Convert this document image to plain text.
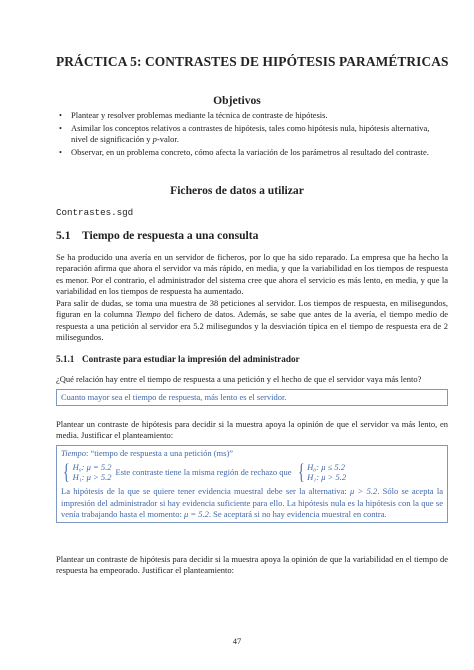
PRÁCTICA 5: CONTRASTES DE HIPÓTESIS PARAMÉTRICAS
Objetivos
• Plantear y resolver problemas mediante la técnica de contraste de hipótesis.
• Asimilar los conceptos relativos a contrastes de hipótesis, tales como hipótesis nula, hipótesis alternativa, nivel de significación y p-valor.
• Observar, en un problema concreto, cómo afecta la variación de los parámetros al resultado del contraste.
Ficheros de datos a utilizar
Contrastes.sgd
5.1 Tiempo de respuesta a una consulta

Se ha producido una avería en un servidor de ficheros, por lo que ha sido reparado. La empresa que ha hecho la reparación afirma que ahora el servidor va más rápido, en media, y que la variabilidad en los tiempos de respuesta es menor. Por el contrario, el administrador del sistema cree que ahora el servicio es más lento, en media, y que la variabilidad en los tiempos de respuesta ha aumentado.

Para salir de dudas, se toma una muestra de 38 peticiones al servidor. Los tiempos de respuesta, en milisegundos, figuran en la columna Tiempo del fichero de datos. Además, se sabe que antes de la avería, el tiempo medio de respuesta a una petición al servidor era 5.2 milisegundos y la desviación típica en el tiempo de respuesta era de 2 milisegundos.

5.1.1 Contraste para estudiar la impresión del administrador

¿Qué relación hay entre el tiempo de respuesta a una petición y el hecho de que el servidor vaya más lento?

Cuanto mayor sea el tiempo de respuesta, más lento es el servidor.

Plantear un contraste de hipótesis para decidir si la muestra apoya la opinión de que el servidor va más lento, en media. Justificar el planteamiento:

Tiempo: “tiempo de respuesta a una petición (ms)”

{ H₀: μ = 5.2
H₁: μ > 5.2
Este contraste tiene la misma región de rechazo que { H₀: μ ≤ 5.2
H₁: μ > 5.2

La hipótesis de la que se quiere tener evidencia muestral debe ser la alternativa: μ > 5.2. Sólo se acepta la impresión del administrador si hay evidencia suficiente para ello. La hipótesis nula es la hipótesis con la que se venía trabajando hasta el momento: μ = 5.2. Se aceptará si no hay evidencia muestral en contra.

Plantear un contraste de hipótesis para decidir si la muestra apoya la opinión de que la variabilidad en el tiempo de respuesta ha empeorado. Justificar el planteamiento:

47
